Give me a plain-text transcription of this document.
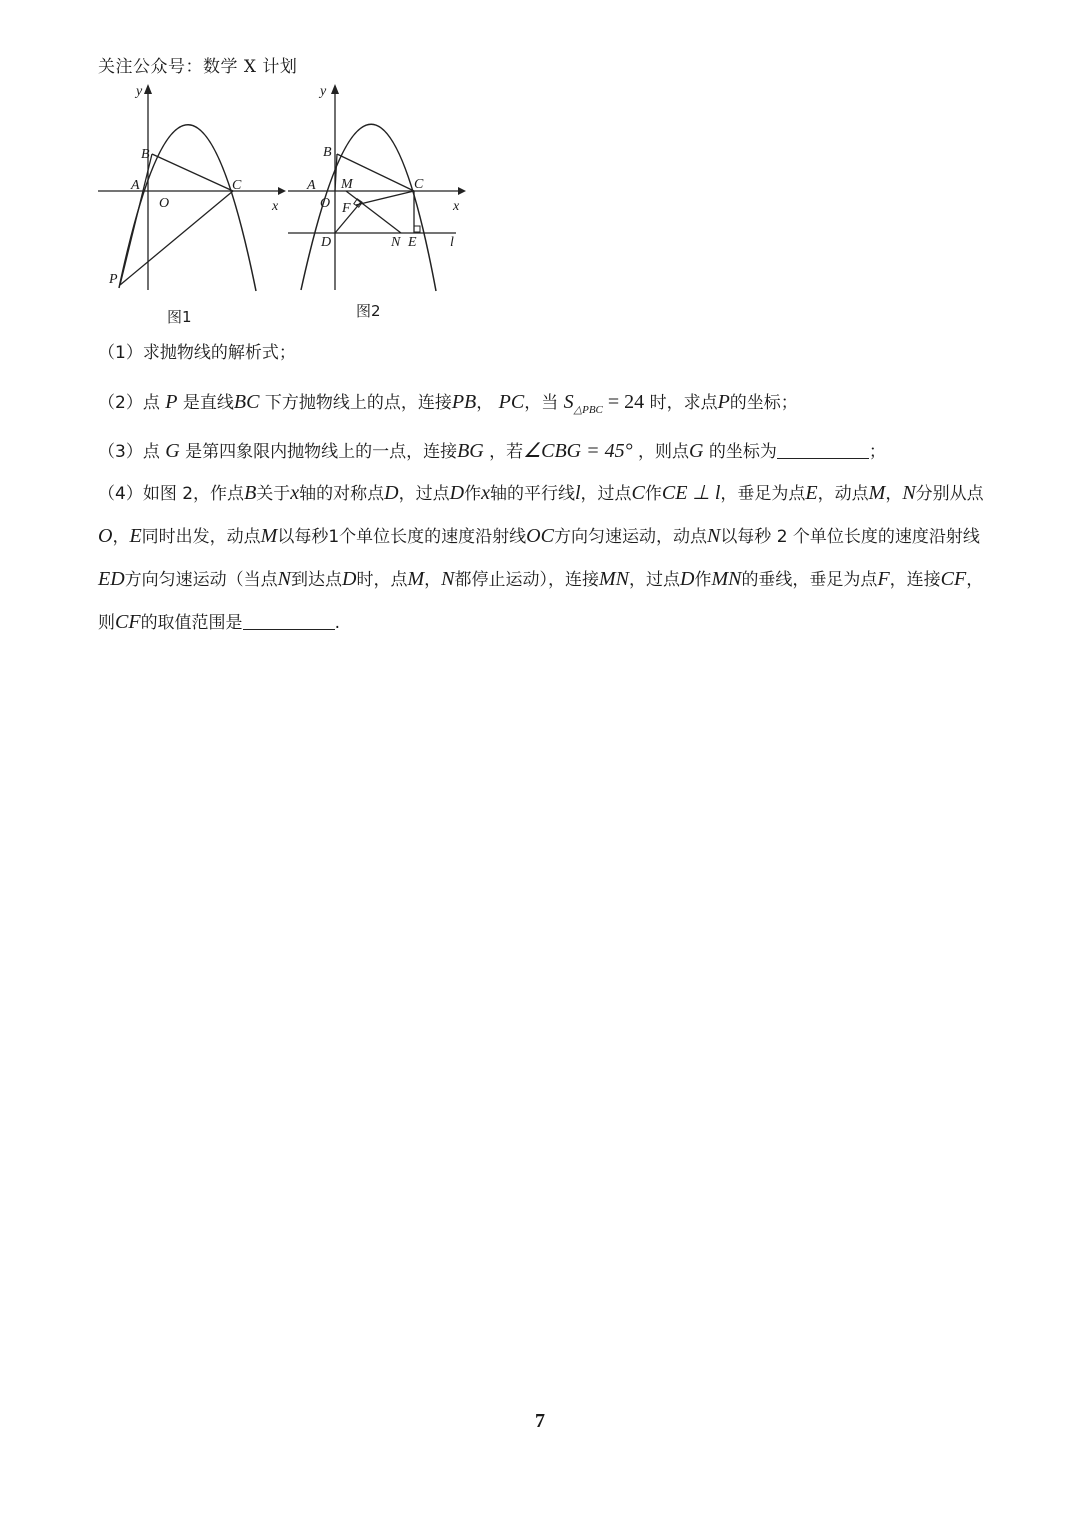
关注公众号：数学 X 计划
y
x
A
B
C
O
P
图1
y
x
A
B
C
M
O F
D	N E l
图2
（1）求抛物线的解析式；
（2）点 P 是直线BC 下方抛物线上的点，连接PB， PC，当 $S_{\triangle PBC} = 24$ 时，求点P的坐标；
（3）点 G 是第四象限内抛物线上的一点，连接BG ，若∠CBG = 45° ，则点G 的坐标为	；
（4）如图 2，作点B关于x轴的对称点D，过点D作x轴的平行线l，过点C作CE ⊥ l，垂足为点E，动点M，N分别从点O，E同时出发，动点M以每秒1个单位长度的速度沿射线OC方向匀速运动，动点N以每秒 2 个单位长度的速度沿射线ED方向匀速运动（当点N到达点D时，点M，N都停止运动），连接MN，过点D作MN的垂线，垂足为点F，连接CF，则CF的取值范围是	.
7
